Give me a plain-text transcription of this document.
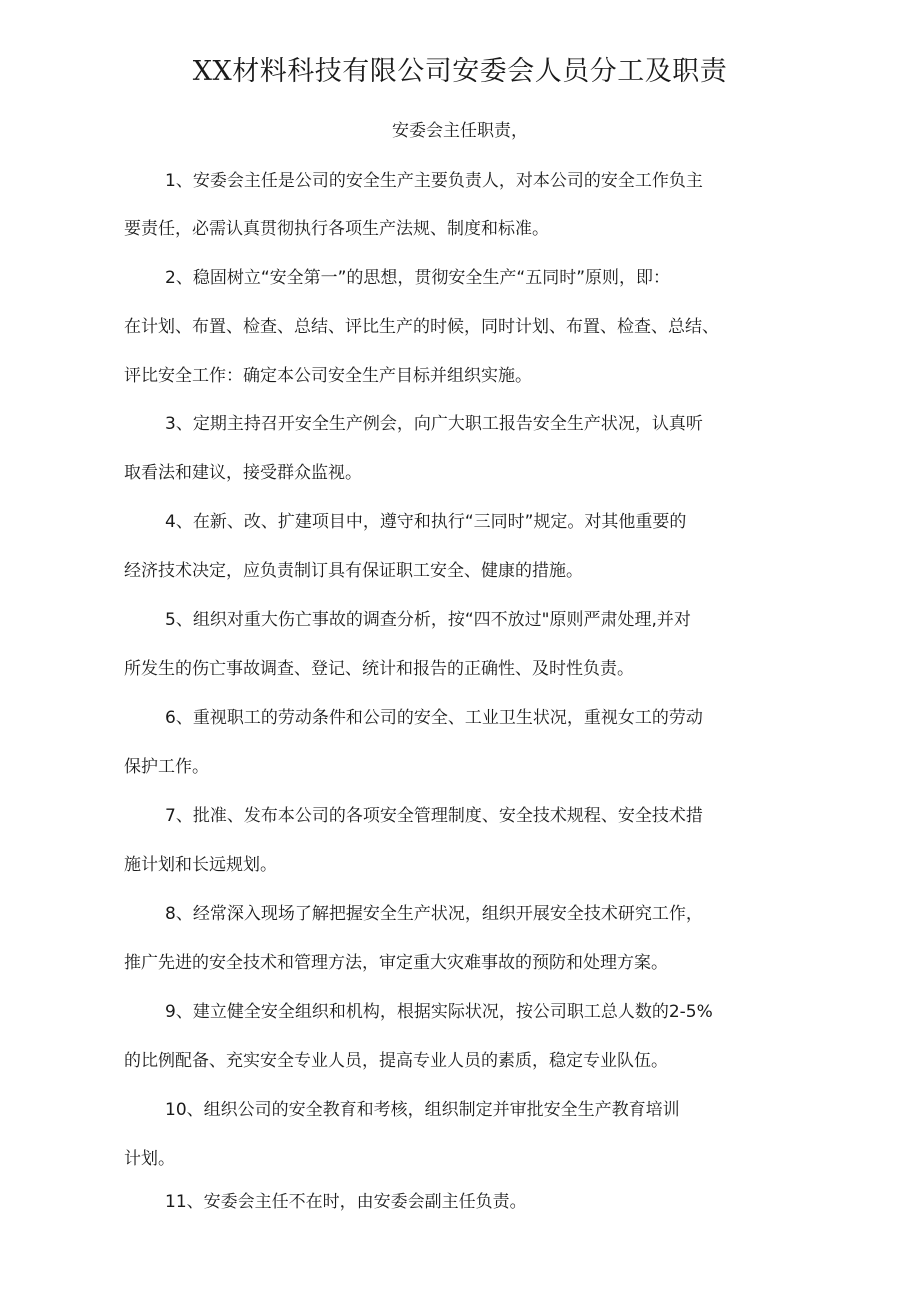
XX材料科技有限公司安委会人员分工及职责
安委会主任职责，
1、安委会主任是公司的安全生产主要负责人，对本公司的安全工作负主
要责任，必需认真贯彻执行各项生产法规、制度和标准。
2、稳固树立“安全第一”的思想，贯彻安全生产“五同时”原则，即：
在计划、布置、检查、总结、评比生产的时候，同时计划、布置、检查、总结、
评比安全工作：确定本公司安全生产目标并组织实施。
3、定期主持召开安全生产例会，向广大职工报告安全生产状况，认真听
取看法和建议，接受群众监视。
4、在新、改、扩建项目中，遵守和执行“三同时”规定。对其他重要的
经济技术决定，应负责制订具有保证职工安全、健康的措施。
5、组织对重大伤亡事故的调查分析，按“四不放过"原则严肃处理,并对
所发生的伤亡事故调查、登记、统计和报告的正确性、及时性负责。
6、重视职工的劳动条件和公司的安全、工业卫生状况，重视女工的劳动
保护工作。
7、批准、发布本公司的各项安全管理制度、安全技术规程、安全技术措
施计划和长远规划。
8、经常深入现场了解把握安全生产状况，组织开展安全技术研究工作，
推广先进的安全技术和管理方法，审定重大灾难事故的预防和处理方案。
9、建立健全安全组织和机构，根据实际状况，按公司职工总人数的2-5%
的比例配备、充实安全专业人员，提高专业人员的素质，稳定专业队伍。
10、组织公司的安全教育和考核，组织制定并审批安全生产教育培训
计划。
11、安委会主任不在时，由安委会副主任负责。
